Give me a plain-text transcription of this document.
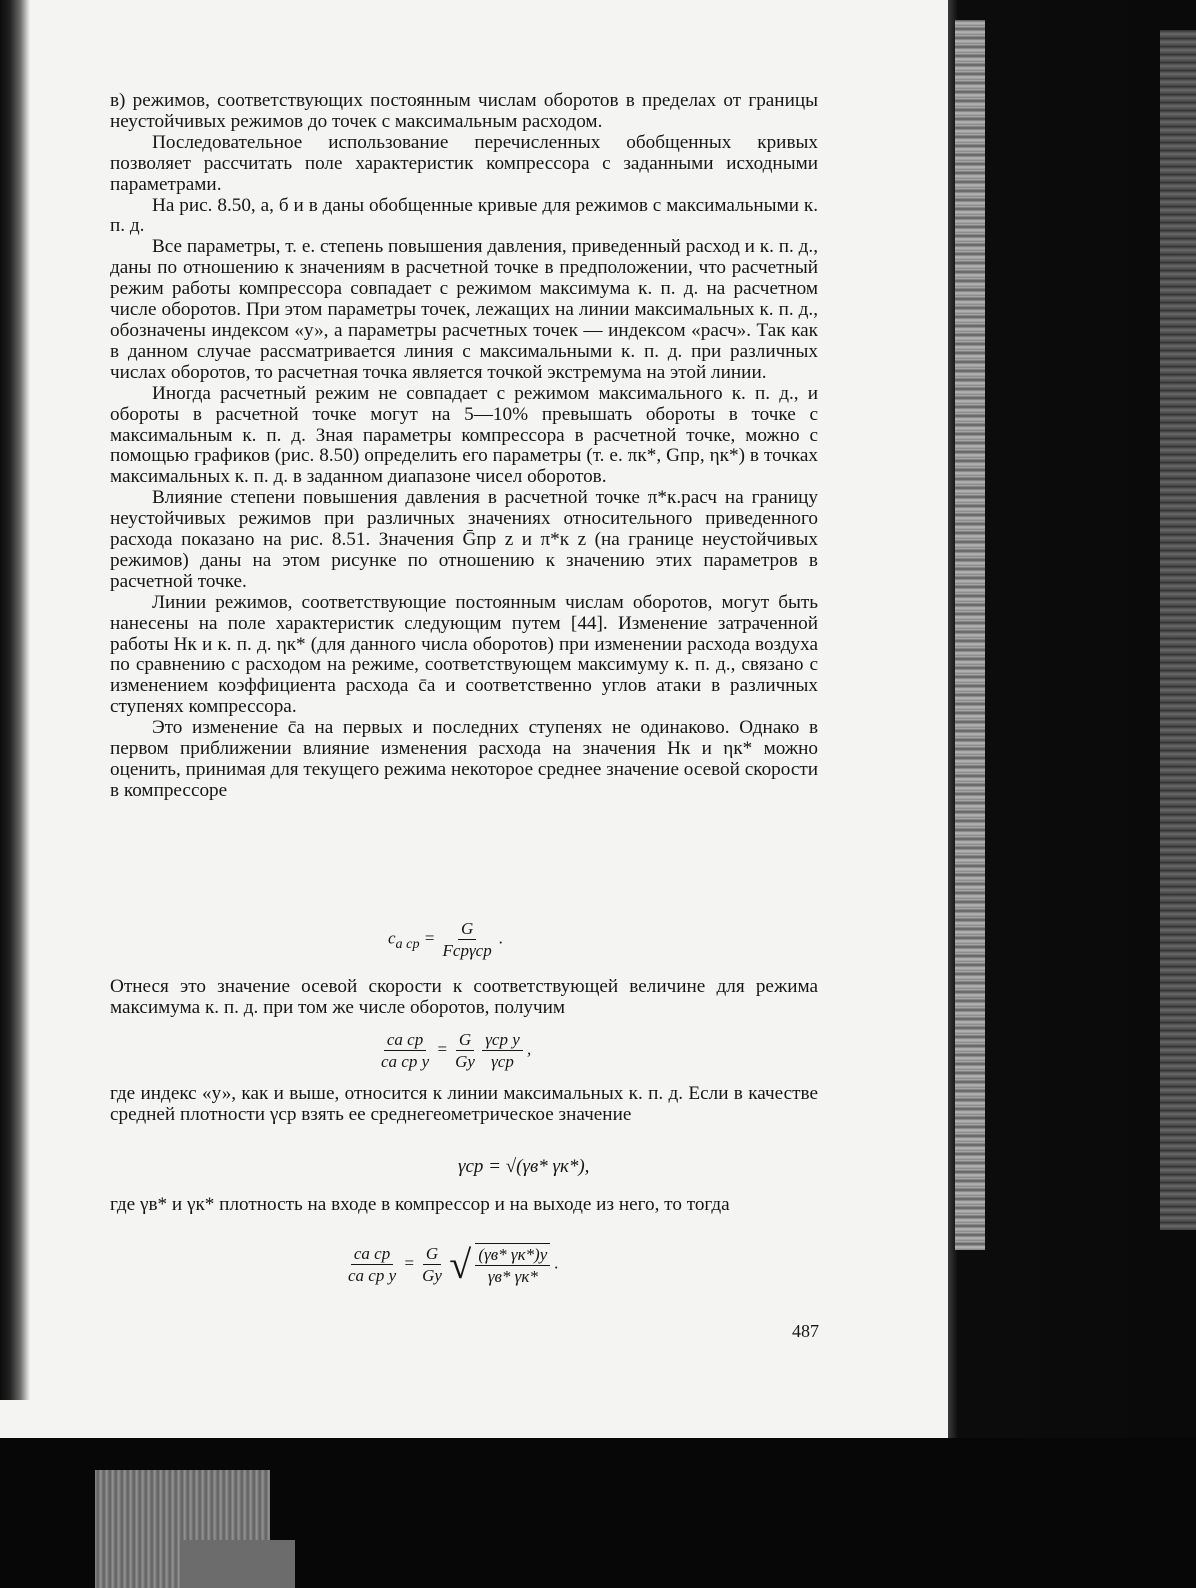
в) режимов, соответствующих постоянным числам оборотов в пределах от границы неустойчивых режимов до точек с максимальным расходом.

Последовательное использование перечисленных обобщенных кривых позволяет рассчитать поле характеристик компрессора с заданными исходными параметрами.

На рис. 8.50, а, б и в даны обобщенные кривые для режимов с максимальными к. п. д.

Все параметры, т. е. степень повышения давления, приведенный расход и к. п. д., даны по отношению к значениям в расчетной точке в предположении, что расчетный режим работы компрессора совпадает с режимом максимума к. п. д. на расчетном числе оборотов. При этом параметры точек, лежащих на линии максимальных к. п. д., обозначены индексом «у», а параметры расчетных точек — индексом «расч». Так как в данном случае рассматривается линия с максимальными к. п. д. при различных числах оборотов, то расчетная точка является точкой экстремума на этой линии.

Иногда расчетный режим не совпадает с режимом максимального к. п. д., и обороты в расчетной точке могут на 5—10% превышать обороты в точке с максимальным к. п. д. Зная параметры компрессора в расчетной точке, можно с помощью графиков (рис. 8.50) определить его параметры (т. е. πк*, Gпр, ηк*) в точках максимальных к. п. д. в заданном диапазоне чисел оборотов.

Влияние степени повышения давления в расчетной точке π*к.расч на границу неустойчивых режимов при различных значениях относительного приведенного расхода показано на рис. 8.51. Значения Ḡпр z и π*к z (на границе неустойчивых режимов) даны на этом рисунке по отношению к значению этих параметров в расчетной точке.

Линии режимов, соответствующие постоянным числам оборотов, могут быть нанесены на поле характеристик следующим путем [44]. Изменение затраченной работы Hк и к. п. д. ηк* (для данного числа оборотов) при изменении расхода воздуха по сравнению с расходом на режиме, соответствующем максимуму к. п. д., связано с изменением коэффициента расхода c̄a и соответственно углов атаки в различных ступенях компрессора.

Это изменение c̄a на первых и последних ступенях не одинаково. Однако в первом приближении влияние изменения расхода на значения Hк и ηк* можно оценить, принимая для текущего режима некоторое среднее значение осевой скорости в компрессоре

$c_{a ср} = \frac{G}{\text{Fсрγср}}$ .

Отнеся это значение осевой скорости к соответствующей величине для режима максимума к. п. д. при том же числе оборотов, получим

$\frac{\text{ca ср}}{\text{ca ср y}} = \frac{G}{Gy}$
$\frac{\text{γср y}}{\text{γср}}$ ,

где индекс «у», как и выше, относится к линии максимальных к. п. д. Если в качестве средней плотности γср взять ее среднегеометрическое значение

γср = √(γв* γк*),

где γв* и γк* плотность на входе в компрессор и на выходе из него, то тогда

$\frac{\text{ca ср}}{\text{ca ср y}} = \frac{G}{Gy}$ √ $\frac{(\gamma в* \gamma к*)y}{\gamma в* \gamma к*}$ .
487
